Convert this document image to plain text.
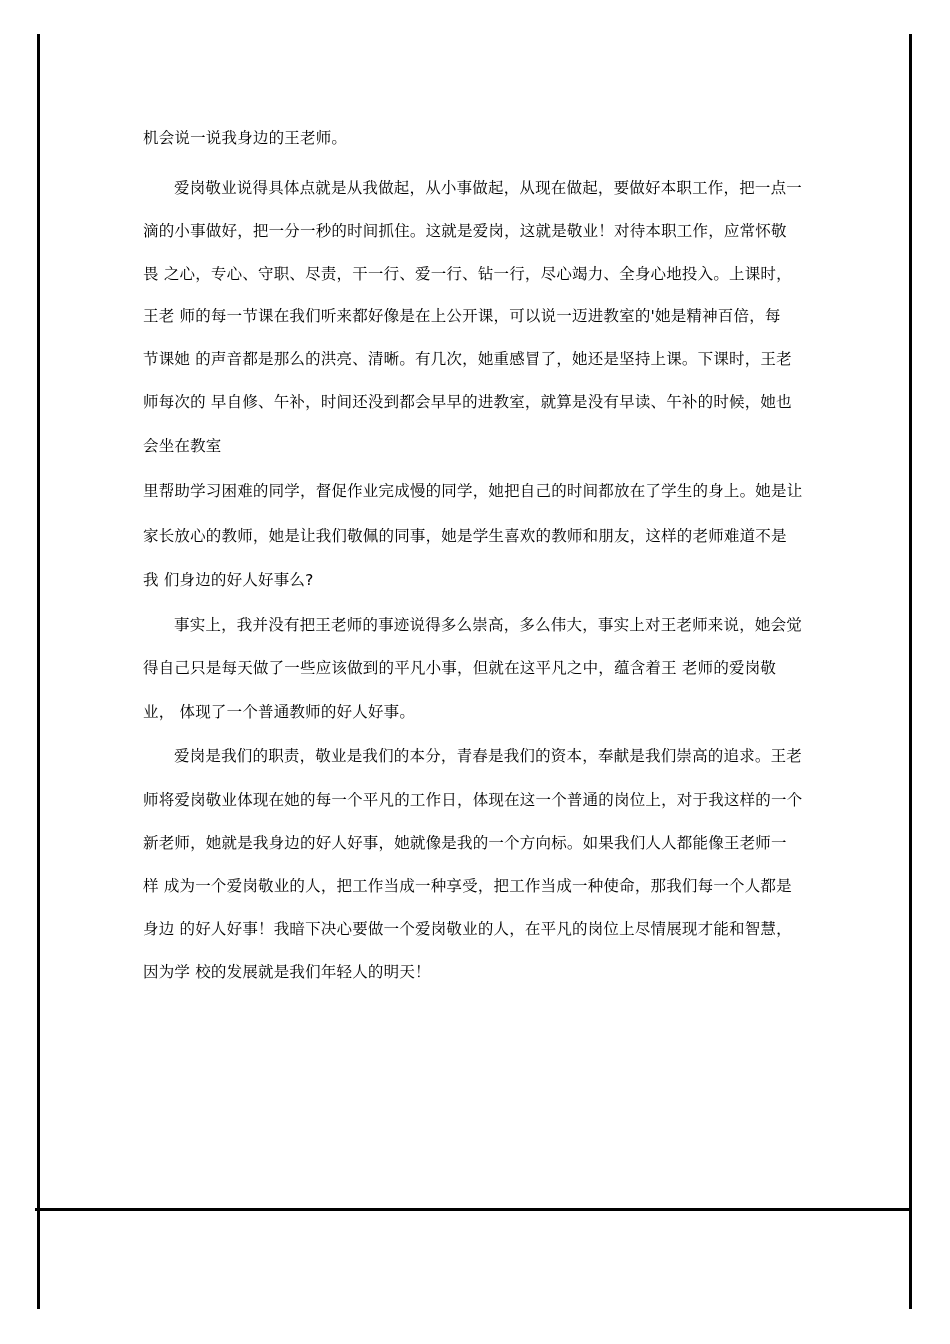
机会说一说我身边的王老师。
爱岗敬业说得具体点就是从我做起，从小事做起，从现在做起，要做好本职工作，把一点一
滴的小事做好，把一分一秒的时间抓住。这就是爱岗，这就是敬业！对待本职工作，应常怀敬
畏 之心，专心、守职、尽责，干一行、爱一行、钻一行，尽心竭力、全身心地投入。上课时，
王老 师的每一节课在我们听来都好像是在上公开课，可以说一迈进教室的'她是精神百倍，每
节课她 的声音都是那么的洪亮、清晰。有几次，她重感冒了，她还是坚持上课。下课时，王老
师每次的 早自修、午补，时间还没到都会早早的进教室，就算是没有早读、午补的时候，她也
会坐在教室
里帮助学习困难的同学，督促作业完成慢的同学，她把自己的时间都放在了学生的身上。她是让
家长放心的教师，她是让我们敬佩的同事，她是学生喜欢的教师和朋友，这样的老师难道不是
我 们身边的好人好事么?
事实上，我并没有把王老师的事迹说得多么崇高，多么伟大，事实上对王老师来说，她会觉
得自己只是每天做了一些应该做到的平凡小事，但就在这平凡之中，蕴含着王 老师的爱岗敬
业， 体现了一个普通教师的好人好事。
爱岗是我们的职责，敬业是我们的本分，青春是我们的资本，奉献是我们崇高的追求。王老
师将爱岗敬业体现在她的每一个平凡的工作日，体现在这一个普通的岗位上，对于我这样的一个
新老师，她就是我身边的好人好事，她就像是我的一个方向标。如果我们人人都能像王老师一
样 成为一个爱岗敬业的人，把工作当成一种享受，把工作当成一种使命，那我们每一个人都是
身边 的好人好事！我暗下决心要做一个爱岗敬业的人，在平凡的岗位上尽情展现才能和智慧，
因为学 校的发展就是我们年轻人的明天！
